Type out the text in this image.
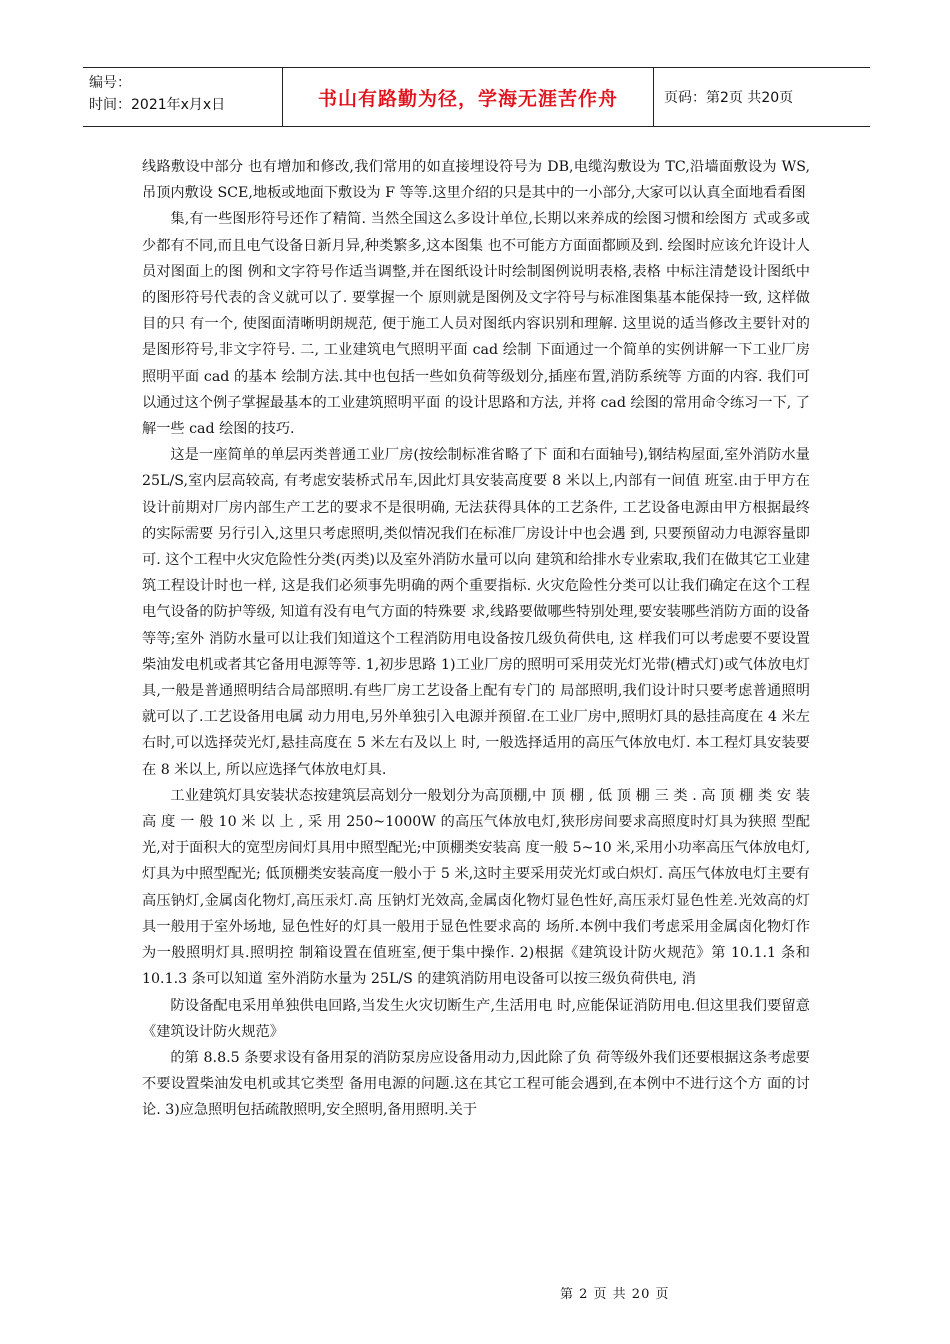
编号：
时间：2021年x月x日	书山有路勤为径，学海无涯苦作舟	页码：第2页 共20页

线路敷设中部分 也有增加和修改,我们常用的如直接埋设符号为 DB,电缆沟敷设为 TC,沿墙面敷设为 WS,吊顶内敷设 SCE,地板或地面下敷设为 F 等等.这里介绍的只是其中的一小部分,大家可以认真全面地看看图

集,有一些图形符号还作了精简. 当然全国这么多设计单位,长期以来养成的绘图习惯和绘图方 式或多或少都有不同,而且电气设备日新月异,种类繁多,这本图集 也不可能方方面面都顾及到. 绘图时应该允许设计人员对图面上的图 例和文字符号作适当调整,并在图纸设计时绘制图例说明表格,表格 中标注清楚设计图纸中的图形符号代表的含义就可以了. 要掌握一个 原则就是图例及文字符号与标准图集基本能保持一致, 这样做目的只 有一个, 使图面清晰明朗规范, 便于施工人员对图纸内容识别和理解. 这里说的适当修改主要针对的是图形符号,非文字符号. 二, 工业建筑电气照明平面 cad 绘制 下面通过一个简单的实例讲解一下工业厂房照明平面 cad 的基本 绘制方法.其中也包括一些如负荷等级划分,插座布置,消防系统等 方面的内容. 我们可以通过这个例子掌握最基本的工业建筑照明平面 的设计思路和方法, 并将 cad 绘图的常用命令练习一下, 了解一些 cad 绘图的技巧.

这是一座简单的单层丙类普通工业厂房(按绘制标准省略了下 面和右面轴号),钢结构屋面,室外消防水量 25L/S,室内层高较高, 有考虑安装桥式吊车,因此灯具安装高度要 8 米以上,内部有一间值 班室.由于甲方在设计前期对厂房内部生产工艺的要求不是很明确, 无法获得具体的工艺条件, 工艺设备电源由甲方根据最终的实际需要 另行引入,这里只考虑照明,类似情况我们在标准厂房设计中也会遇 到, 只要预留动力电源容量即可. 这个工程中火灾危险性分类(丙类)以及室外消防水量可以向 建筑和给排水专业索取,我们在做其它工业建筑工程设计时也一样, 这是我们必须事先明确的两个重要指标. 火灾危险性分类可以让我们确定在这个工程电气设备的防护等级, 知道有没有电气方面的特殊要 求,线路要做哪些特别处理,要安装哪些消防方面的设备等等;室外 消防水量可以让我们知道这个工程消防用电设备按几级负荷供电, 这 样我们可以考虑要不要设置柴油发电机或者其它备用电源等等. 1,初步思路 1)工业厂房的照明可采用荧光灯光带(槽式灯)或气体放电灯 具,一般是普通照明结合局部照明.有些厂房工艺设备上配有专门的 局部照明,我们设计时只要考虑普通照明就可以了.工艺设备用电属 动力用电,另外单独引入电源并预留.在工业厂房中,照明灯具的悬挂高度在 4 米左右时,可以选择荧光灯,悬挂高度在 5 米左右及以上 时, 一般选择适用的高压气体放电灯. 本工程灯具安装要在 8 米以上, 所以应选择气体放电灯具.

工业建筑灯具安装状态按建筑层高划分一般划分为高顶棚,中 顶 棚 , 低 顶 棚 三 类 . 高 顶 棚 类 安 装 高 度 一 般 10 米 以 上 , 采 用 250~1000W 的高压气体放电灯,狭形房间要求高照度时灯具为狭照 型配光,对于面积大的宽型房间灯具用中照型配光;中顶棚类安装高 度一般 5~10 米,采用小功率高压气体放电灯,灯具为中照型配光; 低顶棚类安装高度一般小于 5 米,这时主要采用荧光灯或白炽灯. 高压气体放电灯主要有高压钠灯,金属卤化物灯,高压汞灯.高 压钠灯光效高,金属卤化物灯显色性好,高压汞灯显色性差.光效高的灯具一般用于室外场地, 显色性好的灯具一般用于显色性要求高的 场所.本例中我们考虑采用金属卤化物灯作为一般照明灯具.照明控 制箱设置在值班室,便于集中操作. 2)根据《建筑设计防火规范》第 10.1.1 条和 10.1.3 条可以知道 室外消防水量为 25L/S 的建筑消防用电设备可以按三级负荷供电, 消

防设备配电采用单独供电回路,当发生火灾切断生产,生活用电 时,应能保证消防用电.但这里我们要留意《建筑设计防火规范》

的第 8.8.5 条要求设有备用泵的消防泵房应设备用动力,因此除了负 荷等级外我们还要根据这条考虑要不要设置柴油发电机或其它类型 备用电源的问题.这在其它工程可能会遇到,在本例中不进行这个方 面的讨论. 3)应急照明包括疏散照明,安全照明,备用照明.关于

第 2 页 共 20 页
